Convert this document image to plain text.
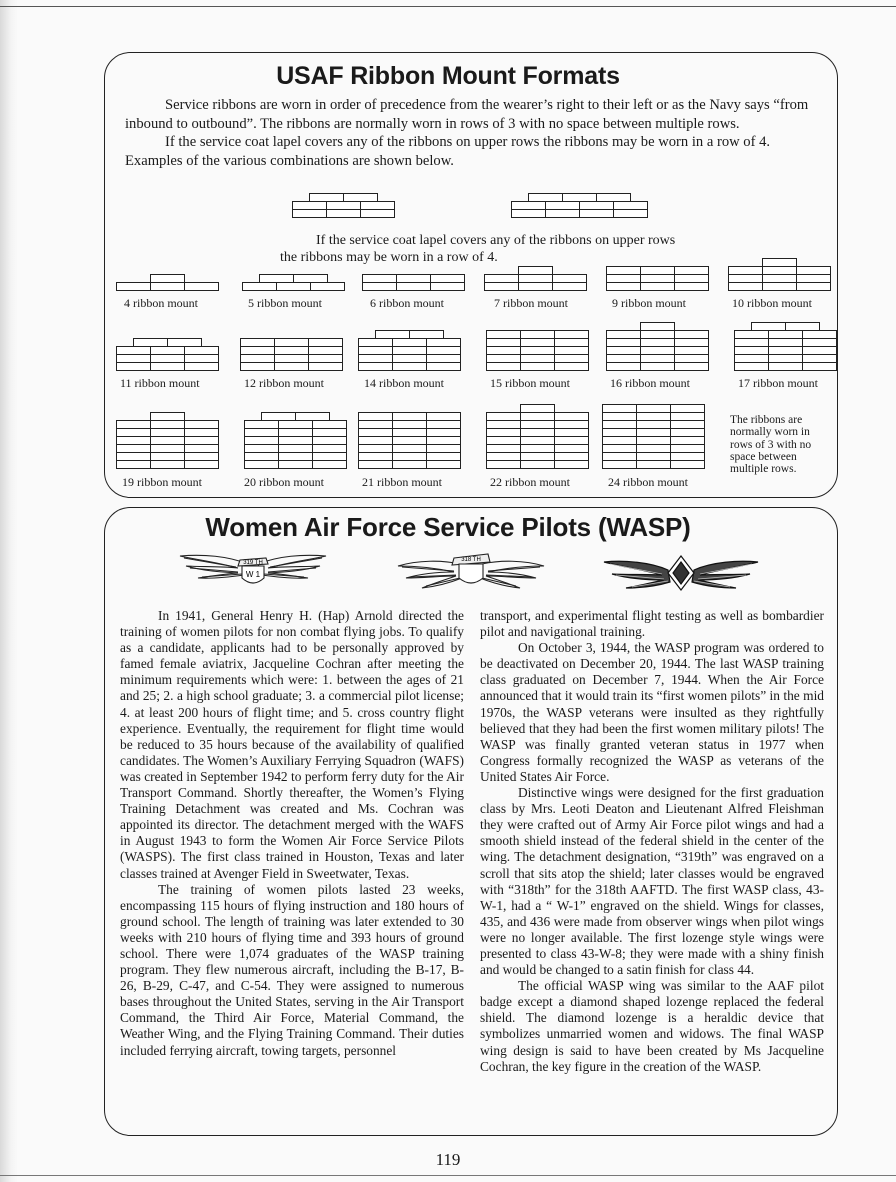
USAF Ribbon Mount Formats

Service ribbons are worn in order of precedence from the wearer’s right to their left or as the Navy says “from inbound to outbound”. The ribbons are normally worn in rows of 3 with no space between multiple rows.

If the service coat lapel covers any of the ribbons on upper rows the ribbons may be worn in a row of 4. Examples of the various combinations are shown below.

If the service coat lapel covers any of the ribbons on upper rows the ribbons may be worn in a row of 4.

4 ribbon mount	5 ribbon mount	6 ribbon mount	7 ribbon mount	9 ribbon mount	10 ribbon mount
11 ribbon mount	12 ribbon mount	14 ribbon mount	15 ribbon mount	16 ribbon mount	17 ribbon mount
19 ribbon mount	20 ribbon mount	21 ribbon mount	22 ribbon mount	24 ribbon mount
The ribbons are normally worn in rows of 3 with no space between multiple rows.
Women Air Force Service Pilots (WASP)
319 TH
W 1
318 TH

In 1941, General Henry H. (Hap) Arnold directed the training of women pilots for non combat flying jobs. To qualify as a candidate, applicants had to be personally approved by famed female aviatrix, Jacqueline Cochran after meeting the minimum requirements which were: 1. between the ages of 21 and 25; 2. a high school graduate; 3. a commercial pilot license; 4. at least 200 hours of flight time; and 5. cross country flight experience. Eventually, the requirement for flight time would be reduced to 35 hours because of the availability of qualified candidates. The Women’s Auxiliary Ferrying Squadron (WAFS) was created in September 1942 to perform ferry duty for the Air Transport Command. Shortly thereafter, the Women’s Flying Training Detachment was created and Ms. Cochran was appointed its director. The detachment merged with the WAFS in August 1943 to form the Women Air Force Service Pilots (WASPS). The first class trained in Houston, Texas and later classes trained at Avenger Field in Sweetwater, Texas.

The training of women pilots lasted 23 weeks, encompassing 115 hours of flying instruction and 180 hours of ground school. The length of training was later extended to 30 weeks with 210 hours of flying time and 393 hours of ground school. There were 1,074 graduates of the WASP training program. They flew numerous aircraft, including the B-17, B-26, B-29, C-47, and C-54. They were assigned to numerous bases throughout the United States, serving in the Air Transport Command, the Third Air Force, Material Command, the Weather Wing, and the Flying Training Command. Their duties included ferrying aircraft, towing targets, personnel

transport, and experimental flight testing as well as bombardier pilot and navigational training.

On October 3, 1944, the WASP program was ordered to be deactivated on December 20, 1944. The last WASP training class graduated on December 7, 1944. When the Air Force announced that it would train its “first women pilots” in the mid 1970s, the WASP veterans were insulted as they rightfully believed that they had been the first women military pilots! The WASP was finally granted veteran status in 1977 when Congress formally recognized the WASP as veterans of the United States Air Force.

Distinctive wings were designed for the first graduation class by Mrs. Leoti Deaton and Lieutenant Alfred Fleishman they were crafted out of Army Air Force pilot wings and had a smooth shield instead of the federal shield in the center of the wing. The detachment designation, “319th” was engraved on a scroll that sits atop the shield; later classes would be engraved with “318th” for the 318th AAFTD. The first WASP class, 43-W-1, had a “ W-1” engraved on the shield. Wings for classes, 435, and 436 were made from observer wings when pilot wings were no longer available. The first lozenge style wings were presented to class 43-W-8; they were made with a shiny finish and would be changed to a satin finish for class 44.

The official WASP wing was similar to the AAF pilot badge except a diamond shaped lozenge replaced the federal shield. The diamond lozenge is a heraldic device that symbolizes unmarried women and widows. The final WASP wing design is said to have been created by Ms Jacqueline Cochran, the key figure in the creation of the WASP.

119
